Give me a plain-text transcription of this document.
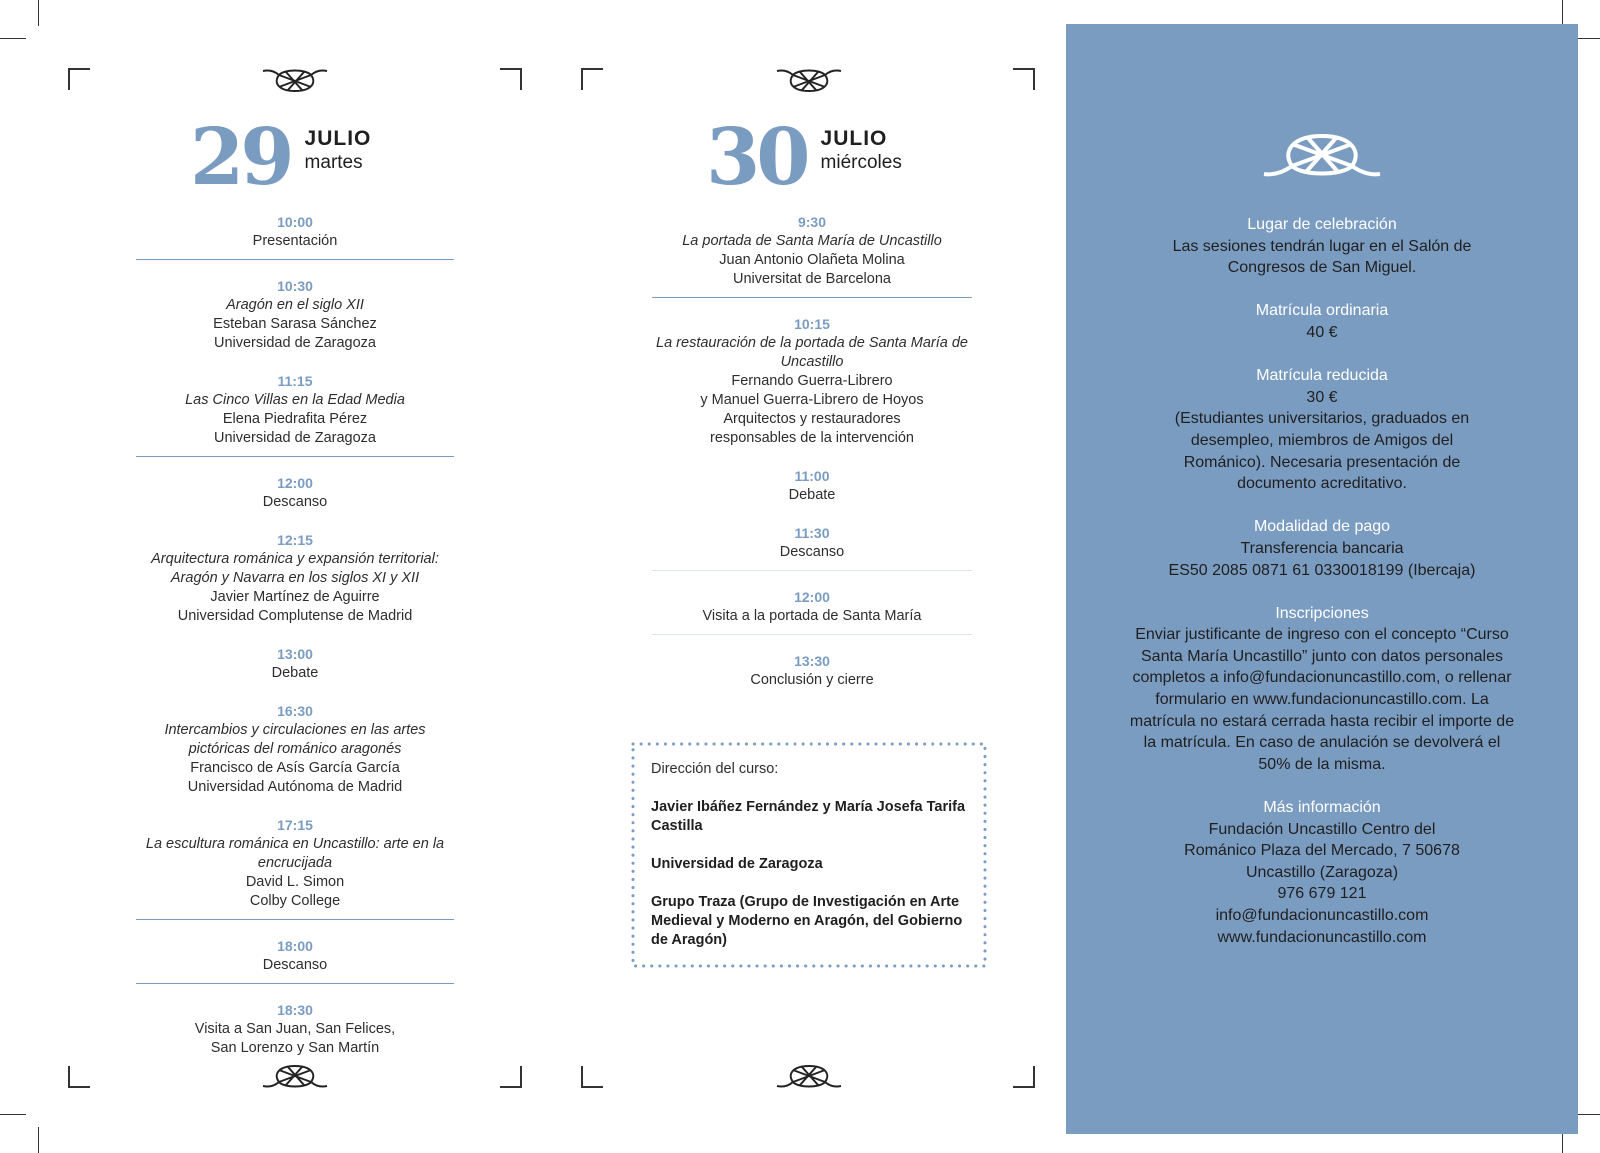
29 JULIO
martes
10:00
Presentación
10:30
Aragón en el siglo XII
Esteban Sarasa Sánchez
Universidad de Zaragoza
11:15
Las Cinco Villas en la Edad Media
Elena Piedrafita Pérez
Universidad de Zaragoza
12:00
Descanso
12:15
Arquitectura románica y expansión territorial: Aragón y Navarra en los siglos XI y XII
Javier Martínez de Aguirre
Universidad Complutense de Madrid
13:00
Debate
16:30
Intercambios y circulaciones en las artes pictóricas del románico aragonés
Francisco de Asís García García
Universidad Autónoma de Madrid
17:15
La escultura románica en Uncastillo: arte en la encrucijada
David L. Simon
Colby College
18:00
Descanso
18:30
Visita a San Juan, San Felices,
San Lorenzo y San Martín
30 JULIO
miércoles
9:30
La portada de Santa María de Uncastillo
Juan Antonio Olañeta Molina
Universitat de Barcelona
10:15
La restauración de la portada de Santa María de Uncastillo
Fernando Guerra-Librero
y Manuel Guerra-Librero de Hoyos
Arquitectos y restauradores
responsables de la intervención
11:00
Debate
11:30
Descanso
12:00
Visita a la portada de Santa María
13:30
Conclusión y cierre
Dirección del curso:
Javier Ibáñez Fernández y María Josefa Tarifa Castilla
Universidad de Zaragoza
Grupo Traza (Grupo de Investigación en Arte Medieval y Moderno en Aragón, del Gobierno de Aragón)
Lugar de celebración
Las sesiones tendrán lugar en el Salón de Congresos de San Miguel.
Matrícula ordinaria
40 €
Matrícula reducida
30 €
(Estudiantes universitarios, graduados en desempleo, miembros de Amigos del Románico). Necesaria presentación de documento acreditativo.
Modalidad de pago
Transferencia bancaria
ES50 2085 0871 61 0330018199 (Ibercaja)
Inscripciones
Enviar justificante de ingreso con el concepto “Curso Santa María Uncastillo” junto con datos personales completos a info@fundacionuncastillo.com, o rellenar formulario en www.fundacionuncastillo.com. La matrícula no estará cerrada hasta recibir el importe de la matrícula. En caso de anulación se devolverá el 50% de la misma.
Más información
Fundación Uncastillo Centro del Románico Plaza del Mercado, 7 50678 Uncastillo (Zaragoza)
976 679 121
info@fundacionuncastillo.com
www.fundacionuncastillo.com
